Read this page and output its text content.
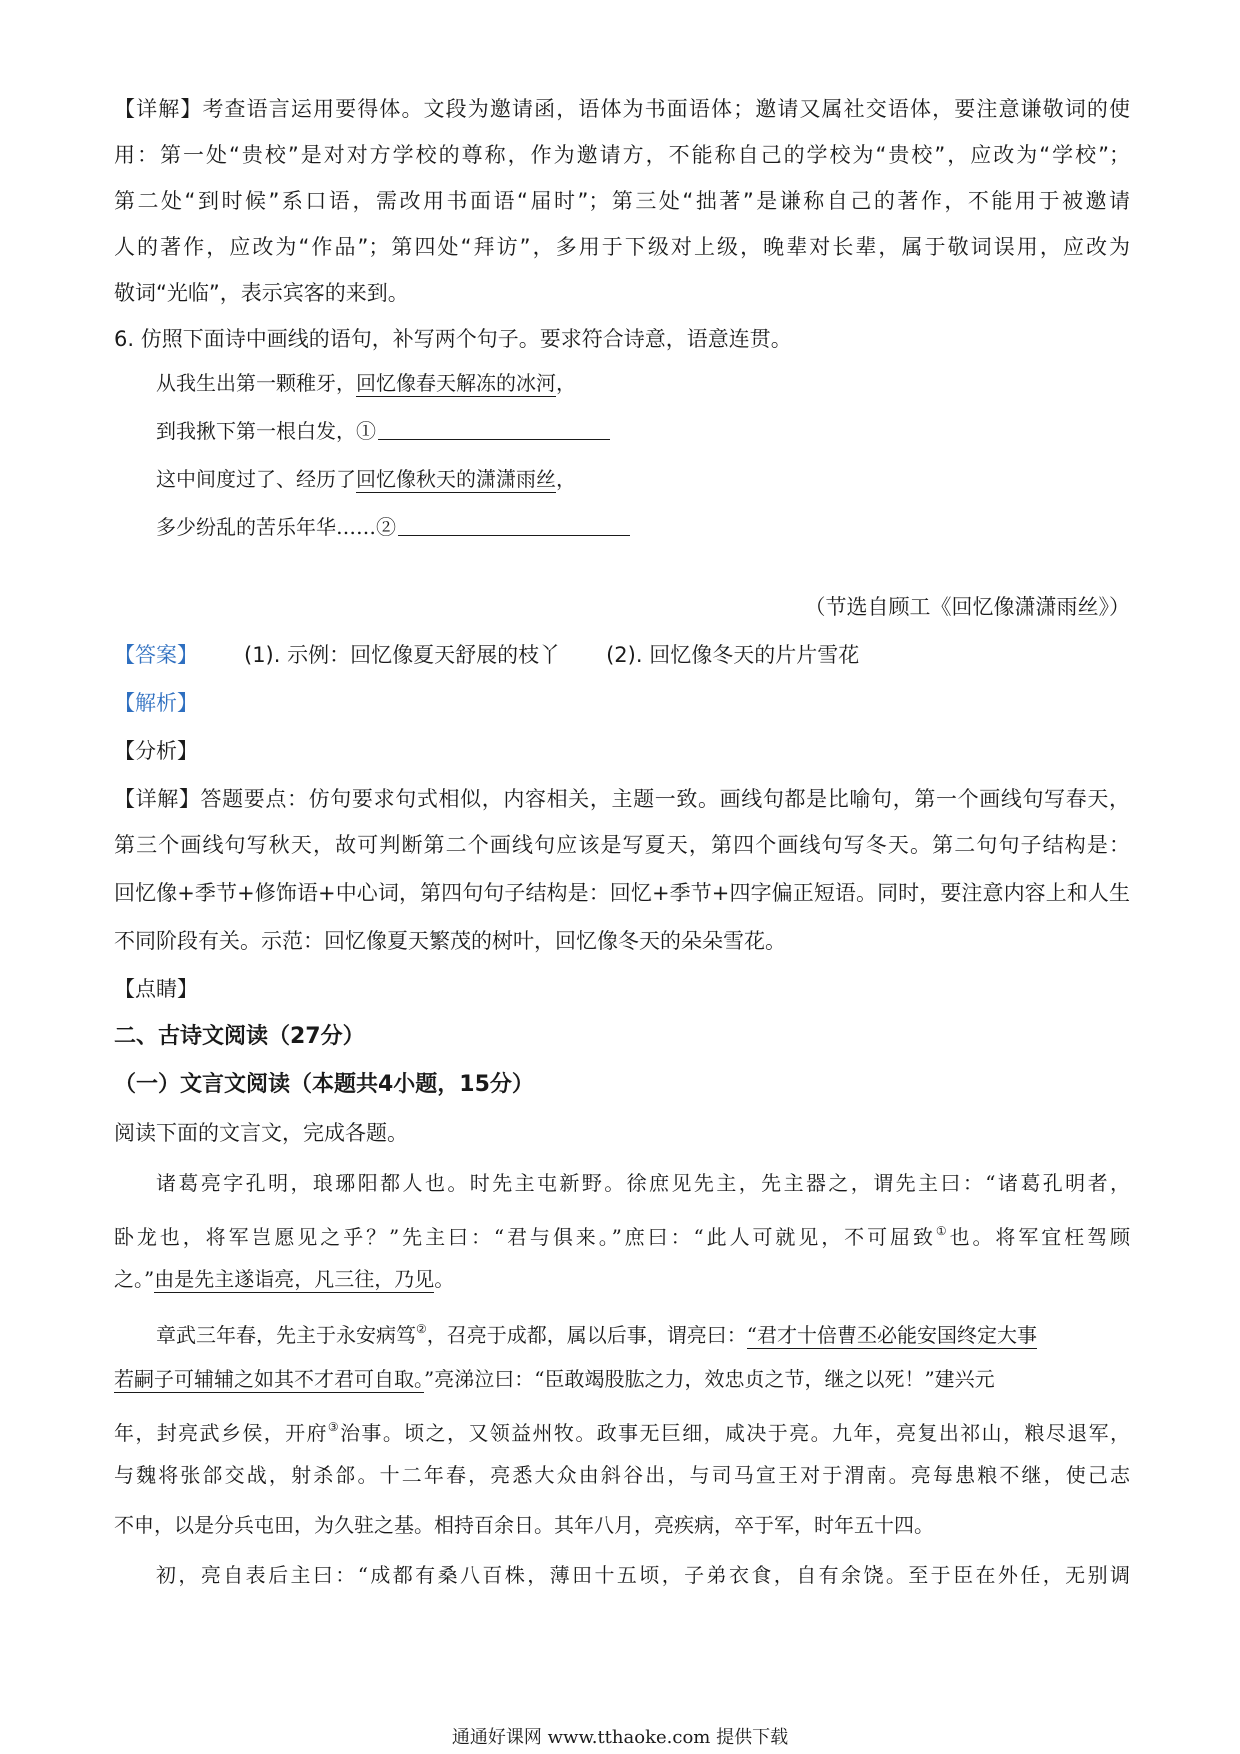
【详解】考查语言运用要得体。文段为邀请函，语体为书面语体；邀请又属社交语体，要注意谦敬词的使
用：第一处“贵校”是对对方学校的尊称，作为邀请方，不能称自己的学校为“贵校”，应改为“学校”；
第二处“到时候”系口语，需改用书面语“届时”；第三处“拙著”是谦称自己的著作，不能用于被邀请
人的著作，应改为“作品”；第四处“拜访”，多用于下级对上级，晚辈对长辈，属于敬词误用，应改为
敬词“光临”，表示宾客的来到。
6. 仿照下面诗中画线的语句，补写两个句子。要求符合诗意，语意连贯。
从我生出第一颗稚牙，回忆像春天解冻的冰河，
到我揪下第一根白发，①
这中间度过了、经历了回忆像秋天的潇潇雨丝，
多少纷乱的苦乐年华……②
（节选自顾工《回忆像潇潇雨丝》）
【答案】 (1). 示例：回忆像夏天舒展的枝丫 (2). 回忆像冬天的片片雪花
【解析】
【分析】
【详解】答题要点：仿句要求句式相似，内容相关，主题一致。画线句都是比喻句，第一个画线句写春天，
第三个画线句写秋天，故可判断第二个画线句应该是写夏天，第四个画线句写冬天。第二句句子结构是：
回忆像+季节+修饰语+中心词，第四句句子结构是：回忆+季节+四字偏正短语。同时，要注意内容上和人生
不同阶段有关。示范：回忆像夏天繁茂的树叶，回忆像冬天的朵朵雪花。
【点睛】
二、古诗文阅读（27分）
（一）文言文阅读（本题共4小题，15分）
阅读下面的文言文，完成各题。
诸葛亮字孔明，琅琊阳都人也。时先主屯新野。徐庶见先主，先主器之，谓先主曰：“诸葛孔明者，
卧龙也，将军岂愿见之乎？”先主曰：“君与俱来。”庶曰：“此人可就见，不可屈致①也。将军宜枉驾顾
之。”由是先主遂诣亮，凡三往，乃见。
章武三年春，先主于永安病笃②，召亮于成都，属以后事，谓亮曰：“君才十倍曹丕必能安国终定大事
若嗣子可辅辅之如其不才君可自取。”亮涕泣曰：“臣敢竭股肱之力，效忠贞之节，继之以死！”建兴元
年，封亮武乡侯，开府③治事。顷之，又领益州牧。政事无巨细，咸决于亮。九年，亮复出祁山，粮尽退军，
与魏将张郃交战，射杀郃。十二年春，亮悉大众由斜谷出，与司马宣王对于渭南。亮每患粮不继，使己志
不申，以是分兵屯田，为久驻之基。相持百余日。其年八月，亮疾病，卒于军，时年五十四。
初，亮自表后主曰：“成都有桑八百株，薄田十五顷，子弟衣食，自有余饶。至于臣在外任，无别调
通通好课网 www.tthaoke.com 提供下载
